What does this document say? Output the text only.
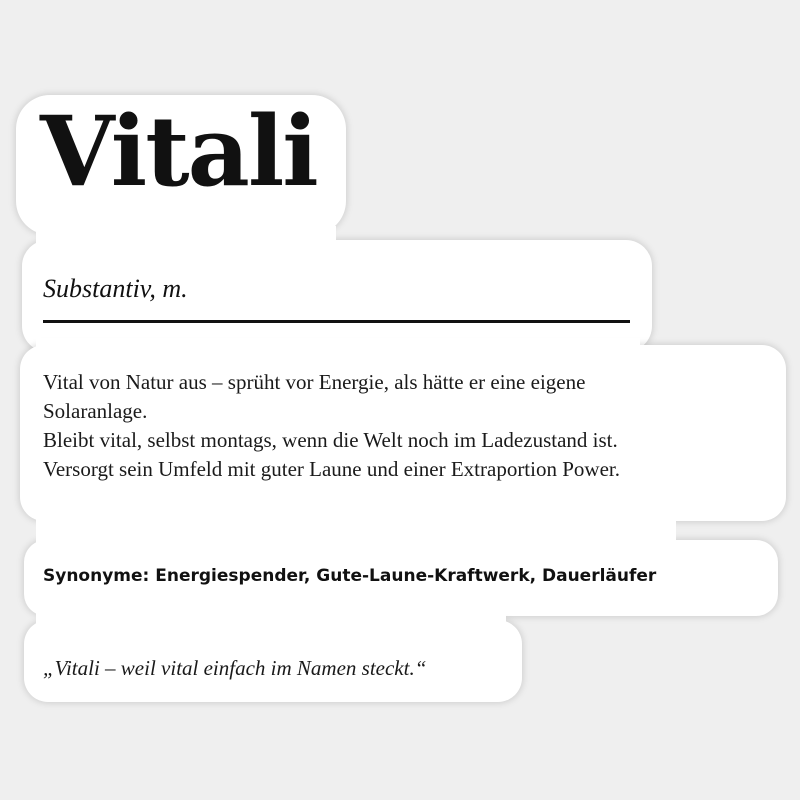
Vitali
Substantiv, m.
Vital von Natur aus – sprüht vor Energie, als hätte er eine eigene
Solaranlage.
Bleibt vital, selbst montags, wenn die Welt noch im Ladezustand ist.
Versorgt sein Umfeld mit guter Laune und einer Extraportion Power.
Synonyme: Energiespender, Gute-Laune-Kraftwerk, Dauerläufer
„Vitali – weil vital einfach im Namen steckt.“
